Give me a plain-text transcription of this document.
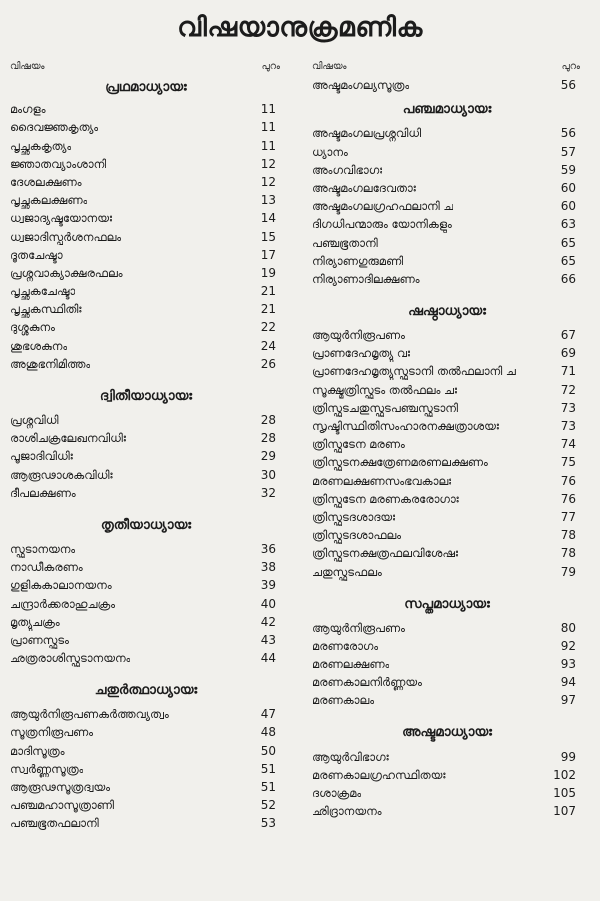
വിഷയാനുക്രമണിക
വിഷയം	പുറം
പ്രഥമാധ്യായഃ
മംഗളം	11
ദൈവജ്ഞകൃത്യം	11
പൃച്ഛകകൃത്യം	11
ജ്ഞാതവ്യാംശാനി	12
ദേശലക്ഷണം	12
പൃച്ഛകലക്ഷണം	13
ധ്വജാദ്യഷ്ടയോനയഃ	14
ധ്വജാദിസ്പർശനഫലം	15
ദൂതചേഷ്ടാ	17
പ്രശ്നവാക്യാക്ഷരഫലം	19
പൃച്ഛകചേഷ്ടാ	21
പൃച്ഛകസ്ഥിതിഃ	21
ദുശ്ശകുനം	22
ശുഭശകുനം	24
അശുഭനിമിത്തം	26
ദ്വിതീയാധ്യായഃ
പ്രശ്നവിധി	28
രാശിചക്രലേഖനവിധിഃ	28
പൂജാദിവിധിഃ	29
ആരൂഢാശകവിധിഃ	30
ദീപലക്ഷണം	32
തൃതീയാധ്യായഃ
സ്ഫുടാനയനം	36
നാഡീകരണം	38
ഗുളികകാലാനയനം	39
ചന്ദ്രാർക്കരാഹുചക്രം	40
മൃത്യുചക്രം	42
പ്രാണസ്ഫുടം	43
ഛത്രരാശിസ്ഫുടാനയനം	44
ചതുർത്ഥാധ്യായഃ
ആയുർനിരൂപണകർത്തവ്യത്വം	47
സൂത്രനിരൂപണം	48
മാദിസൂത്രം	50
സ്വർണ്ണസൂത്രം	51
ആരൂഢസൂത്രദ്വയം	51
പഞ്ചമഹാസൂത്രാണി	52
പഞ്ചഭൂതഫലാനി	53
വിഷയം	പുറം
അഷ്ടമംഗല്യസൂത്രം	56
പഞ്ചമാധ്യായഃ
അഷ്ടമംഗലപ്രശ്നവിധി	56
ധ്യാനം	57
അംഗവിഭാഗഃ	59
അഷ്ടമംഗലദേവതാഃ	60
അഷ്ടമംഗലഗ്രഹഫലാനി ച	60
ദിഗധിപന്മാരും യോനികളും	63
പഞ്ചഭൂതാനി	65
നിര്യാണഗുരുമണി	65
നിര്യാണാദിലക്ഷണം	66
ഷഷ്ഠാധ്യായഃ
ആയുർനിരൂപണം	67
പ്രാണദേഹമൃത്യു വഃ	69
പ്രാണദേഹമൃത്യുസ്ഫുടാനി തൽഫലാനി ച	71
സൂക്ഷ്മത്രിസ്ഫുടം തൽഫലം ചഃ	72
ത്രിസ്ഫുടചതുസ്ഫുടപഞ്ചസ്ഫുടാനി	73
സൃഷ്ടിസ്ഥിതിസംഹാരനക്ഷത്രാശയഃ	73
ത്രിസ്ഫുടേന മരണം	74
ത്രിസ്ഫുടനക്ഷത്രേണമരണലക്ഷണം	75
മരണലക്ഷണസംഭവകാലഃ	76
ത്രിസ്ഫുടേന മരണകരരോഗാഃ	76
ത്രിസ്ഫുടദശാദയഃ	77
ത്രിസ്ഫുടദശാഫലം	78
ത്രിസ്ഫുടനക്ഷത്രഫലവിശേഷഃ	78
ചതുസ്ഫുടഫലം	79
സപ്തമാധ്യായഃ
ആയുർനിരൂപണം	80
മരണരോഗം	92
മരണലക്ഷണം	93
മരണകാലനിർണ്ണയം	94
മരണകാലം	97
അഷ്ടമാധ്യായഃ
ആയുർവിഭാഗഃ	99
മരണകാലഗ്രഹസ്ഥിതയഃ	102
ദശാക്രമം	105
ഛിദ്രാനയനം	107
